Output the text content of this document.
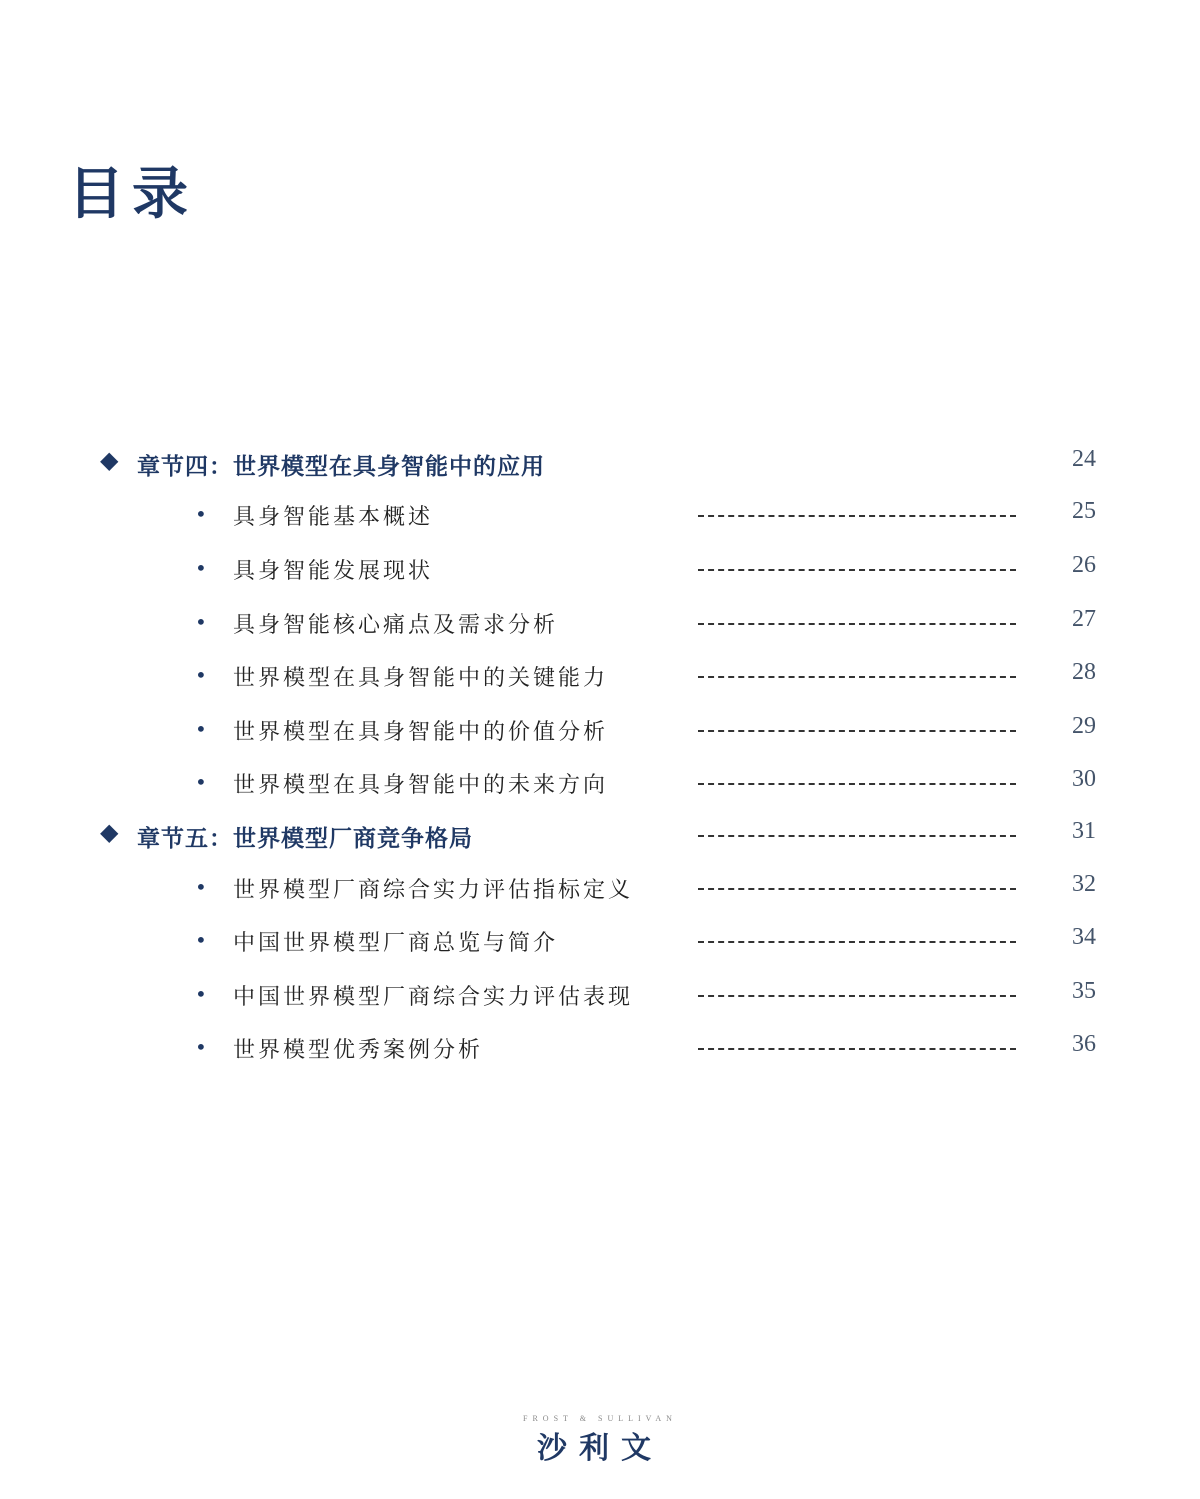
目录
◆ 章节四：世界模型在具身智能中的应用	24
• 具身智能基本概述	25
• 具身智能发展现状	26
• 具身智能核心痛点及需求分析	27
• 世界模型在具身智能中的关键能力	28
• 世界模型在具身智能中的价值分析	29
• 世界模型在具身智能中的未来方向	30
◆ 章节五：世界模型厂商竞争格局	31
• 世界模型厂商综合实力评估指标定义	32
• 中国世界模型厂商总览与简介	34
• 中国世界模型厂商综合实力评估表现	35
• 世界模型优秀案例分析	36
FROST & SULLIVAN
沙利文
